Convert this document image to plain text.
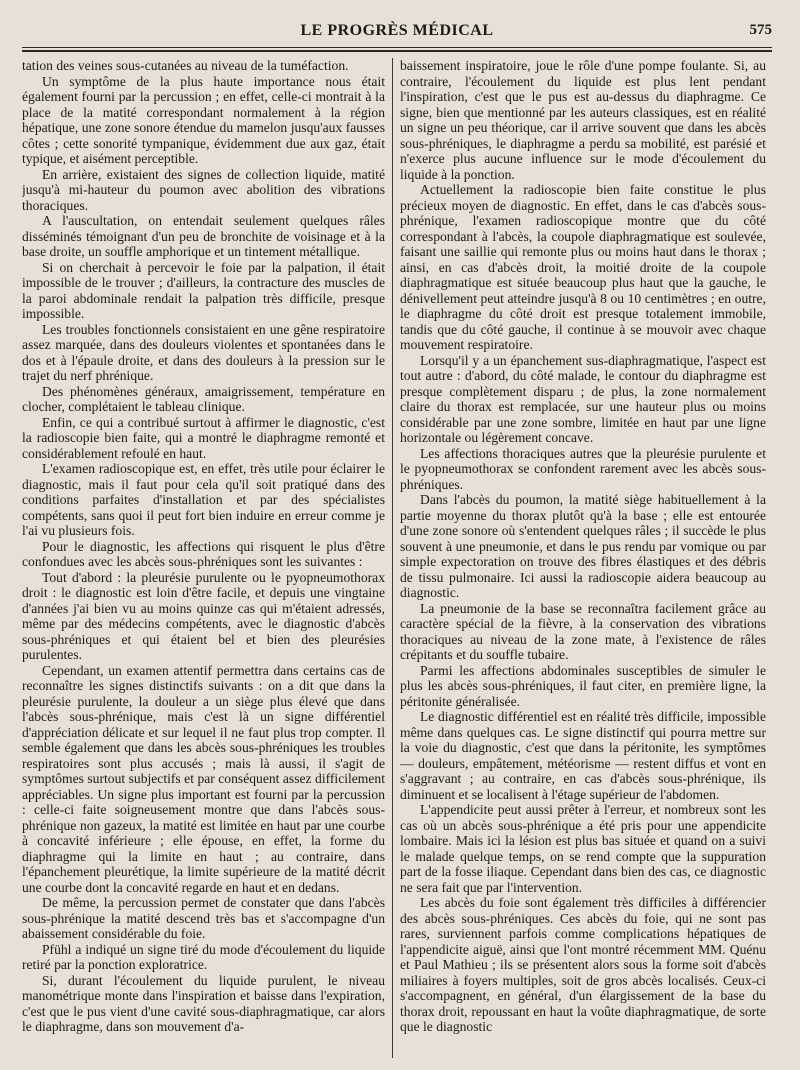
LE PROGRÈS MÉDICAL	575

tation des veines sous-cutanées au niveau de la tuméfaction.

Un symptôme de la plus haute importance nous était également fourni par la percussion ; en effet, celle-ci montrait à la place de la matité correspondant normalement à la région hépatique, une zone sonore étendue du mamelon jusqu'aux fausses côtes ; cette sonorité tympanique, évidemment due aux gaz, était typique, et aisément perceptible.

En arrière, existaient des signes de collection liquide, matité jusqu'à mi-hauteur du poumon avec abolition des vibrations thoraciques.

A l'auscultation, on entendait seulement quelques râles disséminés témoignant d'un peu de bronchite de voisinage et à la base droite, un souffle amphorique et un tintement métallique.

Si on cherchait à percevoir le foie par la palpation, il était impossible de le trouver ; d'ailleurs, la contracture des muscles de la paroi abdominale rendait la palpation très difficile, presque impossible.

Les troubles fonctionnels consistaient en une gêne respiratoire assez marquée, dans des douleurs violentes et spontanées dans le dos et à l'épaule droite, et dans des douleurs à la pression sur le trajet du nerf phrénique.

Des phénomènes généraux, amaigrissement, température en clocher, complétaient le tableau clinique.

Enfin, ce qui a contribué surtout à affirmer le diagnostic, c'est la radioscopie bien faite, qui a montré le diaphragme remonté et considérablement refoulé en haut.

L'examen radioscopique est, en effet, très utile pour éclairer le diagnostic, mais il faut pour cela qu'il soit pratiqué dans des conditions parfaites d'installation et par des spécialistes compétents, sans quoi il peut fort bien induire en erreur comme je l'ai vu plusieurs fois.

Pour le diagnostic, les affections qui risquent le plus d'être confondues avec les abcès sous-phréniques sont les suivantes :

Tout d'abord : la pleurésie purulente ou le pyopneumothorax droit : le diagnostic est loin d'être facile, et depuis une vingtaine d'années j'ai bien vu au moins quinze cas qui m'étaient adressés, même par des médecins compétents, avec le diagnostic d'abcès sous-phréniques et qui étaient bel et bien des pleurésies purulentes.

Cependant, un examen attentif permettra dans certains cas de reconnaître les signes distinctifs suivants : on a dit que dans la pleurésie purulente, la douleur a un siège plus élevé que dans l'abcès sous-phrénique, mais c'est là un signe différentiel d'appréciation délicate et sur lequel il ne faut plus trop compter. Il semble également que dans les abcès sous-phréniques les troubles respiratoires sont plus accusés ; mais là aussi, il s'agit de symptômes surtout subjectifs et par conséquent assez difficilement appréciables. Un signe plus important est fourni par la percussion : celle-ci faite soigneusement montre que dans l'abcès sous-phrénique non gazeux, la matité est limitée en haut par une courbe à concavité inférieure ; elle épouse, en effet, la forme du diaphragme qui la limite en haut ; au contraire, dans l'épanchement pleurétique, la limite supérieure de la matité décrit une courbe dont la concavité regarde en haut et en dedans.

De même, la percussion permet de constater que dans l'abcès sous-phrénique la matité descend très bas et s'accompagne d'un abaissement considérable du foie.

Pfühl a indiqué un signe tiré du mode d'écoulement du liquide retiré par la ponction exploratrice.

Si, durant l'écoulement du liquide purulent, le niveau manométrique monte dans l'inspiration et baisse dans l'expiration, c'est que le pus vient d'une cavité sous-diaphragmatique, car alors le diaphragme, dans son mouvement d'a-

baissement inspiratoire, joue le rôle d'une pompe foulante. Si, au contraire, l'écoulement du liquide est plus lent pendant l'inspiration, c'est que le pus est au-dessus du diaphragme. Ce signe, bien que mentionné par les auteurs classiques, est en réalité un signe un peu théorique, car il arrive souvent que dans les abcès sous-phréniques, le diaphragme a perdu sa mobilité, est parésié et n'exerce plus aucune influence sur le mode d'écoulement du liquide à la ponction.

Actuellement la radioscopie bien faite constitue le plus précieux moyen de diagnostic. En effet, dans le cas d'abcès sous-phrénique, l'examen radioscopique montre que du côté correspondant à l'abcès, la coupole diaphragmatique est soulevée, faisant une saillie qui remonte plus ou moins haut dans le thorax ; ainsi, en cas d'abcès droit, la moitié droite de la coupole diaphragmatique est située beaucoup plus haut que la gauche, le dénivellement peut atteindre jusqu'à 8 ou 10 centimètres ; en outre, le diaphragme du côté droit est presque totalement immobile, tandis que du côté gauche, il continue à se mouvoir avec chaque mouvement respiratoire.

Lorsqu'il y a un épanchement sus-diaphragmatique, l'aspect est tout autre : d'abord, du côté malade, le contour du diaphragme est presque complètement disparu ; de plus, la zone normalement claire du thorax est remplacée, sur une hauteur plus ou moins considérable par une zone sombre, limitée en haut par une ligne horizontale ou légèrement concave.

Les affections thoraciques autres que la pleurésie purulente et le pyopneumothorax se confondent rarement avec les abcès sous-phréniques.

Dans l'abcès du poumon, la matité siège habituellement à la partie moyenne du thorax plutôt qu'à la base ; elle est entourée d'une zone sonore où s'entendent quelques râles ; il succède le plus souvent à une pneumonie, et dans le pus rendu par vomique ou par simple expectoration on trouve des fibres élastiques et des débris de tissu pulmonaire. Ici aussi la radioscopie aidera beaucoup au diagnostic.

La pneumonie de la base se reconnaîtra facilement grâce au caractère spécial de la fièvre, à la conservation des vibrations thoraciques au niveau de la zone mate, à l'existence de râles crépitants et du souffle tubaire.

Parmi les affections abdominales susceptibles de simuler le plus les abcès sous-phréniques, il faut citer, en première ligne, la péritonite généralisée.

Le diagnostic différentiel est en réalité très difficile, impossible même dans quelques cas. Le signe distinctif qui pourra mettre sur la voie du diagnostic, c'est que dans la péritonite, les symptômes — douleurs, empâtement, météorisme — restent diffus et vont en s'aggravant ; au contraire, en cas d'abcès sous-phrénique, ils diminuent et se localisent à l'étage supérieur de l'abdomen.

L'appendicite peut aussi prêter à l'erreur, et nombreux sont les cas où un abcès sous-phrénique a été pris pour une appendicite lombaire. Mais ici la lésion est plus bas située et quand on a suivi le malade quelque temps, on se rend compte que la suppuration part de la fosse iliaque. Cependant dans bien des cas, ce diagnostic ne sera fait que par l'intervention.

Les abcès du foie sont également très difficiles à différencier des abcès sous-phréniques. Ces abcès du foie, qui ne sont pas rares, surviennent parfois comme complications hépatiques de l'appendicite aiguë, ainsi que l'ont montré récemment MM. Quénu et Paul Mathieu ; ils se présentent alors sous la forme soit d'abcès miliaires à foyers multiples, soit de gros abcès localisés. Ceux-ci s'accompagnent, en général, d'un élargissement de la base du thorax droit, repoussant en haut la voûte diaphragmatique, de sorte que le diagnostic
